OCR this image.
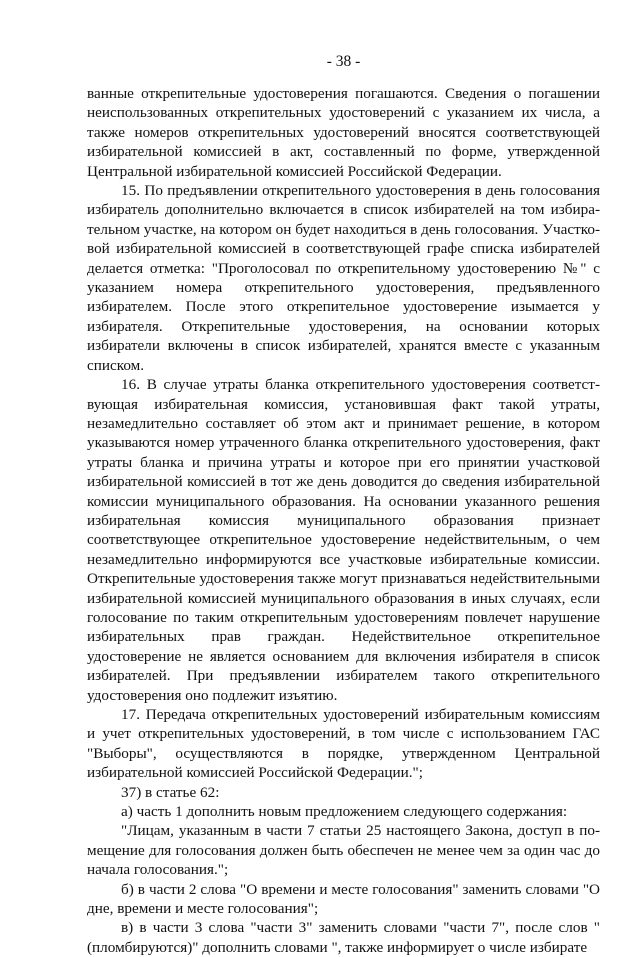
- 38 -

ванные открепительные удостоверения погашаются. Сведения о погашении неиспользованных открепительных удостоверений с указанием их числа, а также номеров открепительных удостоверений вносятся соответствующей избирательной комиссией в акт, составленный по форме, утвержденной Центральной избирательной комиссией Российской Федерации.

15. По предъявлении открепительного удостоверения в день голосования избиратель дополнительно включается в список избирателей на том избирательном участке, на котором он будет находиться в день голосования. Участковой избирательной комиссией в соответствующей графе списка избирателей делается отметка: "Проголосовал по открепительному удостоверению №" с указанием номера открепительного удостоверения, предъявленного избирателем. После этого открепительное удостоверение изымается у избирателя. Открепительные удостоверения, на основании которых избиратели включены в список избирателей, хранятся вместе с указанным списком.

16. В случае утраты бланка открепительного удостоверения соответствующая избирательная комиссия, установившая факт такой утраты, незамедлительно составляет об этом акт и принимает решение, в котором указываются номер утраченного бланка открепительного удостоверения, факт утраты бланка и причина утраты и которое при его принятии участковой избирательной комиссией в тот же день доводится до сведения избирательной комиссии муниципального образования. На основании указанного решения избирательная комиссия муниципального образования признает соответствующее открепительное удостоверение недействительным, о чем незамедлительно информируются все участковые избирательные комиссии. Открепительные удостоверения также могут признаваться недействительными избирательной комиссией муниципального образования в иных случаях, если голосование по таким открепительным удостоверениям повлечет нарушение избирательных прав граждан. Недействительное открепительное удостоверение не является основанием для включения избирателя в список избирателей. При предъявлении избирателем такого открепительного удостоверения оно подлежит изъятию.

17. Передача открепительных удостоверений избирательным комиссиям и учет открепительных удостоверений, в том числе с использованием ГАС "Выборы", осуществляются в порядке, утвержденном Центральной избирательной комиссией Российской Федерации.";

37) в статье 62:

а) часть 1 дополнить новым предложением следующего содержания:

"Лицам, указанным в части 7 статьи 25 настоящего Закона, доступ в помещение для голосования должен быть обеспечен не менее чем за один час до начала голосования.";

б) в части 2 слова "О времени и месте голосования" заменить словами "О дне, времени и месте голосования";

в) в части 3 слова "части 3" заменить словами "части 7", после слов "(пломбируются)" дополнить словами ", также информирует о числе избирате
